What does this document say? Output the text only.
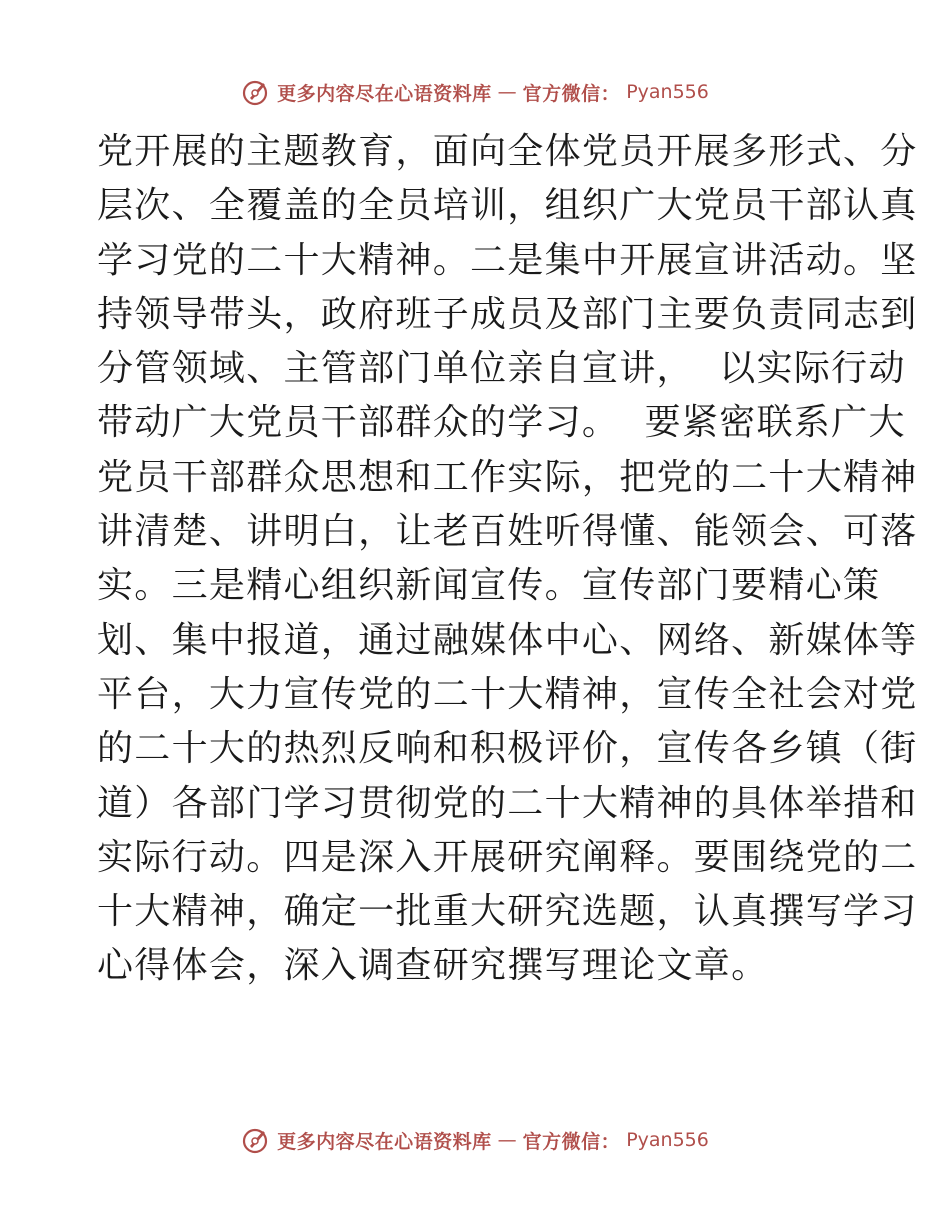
更多内容尽在心语资料库 — 官方微信： Pyan556
党开展的主题教育，面向全体党员开展多形式、分
层次、全覆盖的全员培训，组织广大党员干部认真
学习党的二十大精神。二是集中开展宣讲活动。坚
持领导带头，政府班子成员及部门主要负责同志到
分管领域、主管部门单位亲自宣讲，  以实际行动
带动广大党员干部群众的学习。  要紧密联系广大
党员干部群众思想和工作实际，把党的二十大精神
讲清楚、讲明白，让老百姓听得懂、能领会、可落
实。三是精心组织新闻宣传。宣传部门要精心策
划、集中报道，通过融媒体中心、网络、新媒体等
平台，大力宣传党的二十大精神，宣传全社会对党
的二十大的热烈反响和积极评价，宣传各乡镇（街
道）各部门学习贯彻党的二十大精神的具体举措和
实际行动。四是深入开展研究阐释。要围绕党的二
十大精神，确定一批重大研究选题，认真撰写学习
心得体会，深入调查研究撰写理论文章。
更多内容尽在心语资料库 — 官方微信： Pyan556
